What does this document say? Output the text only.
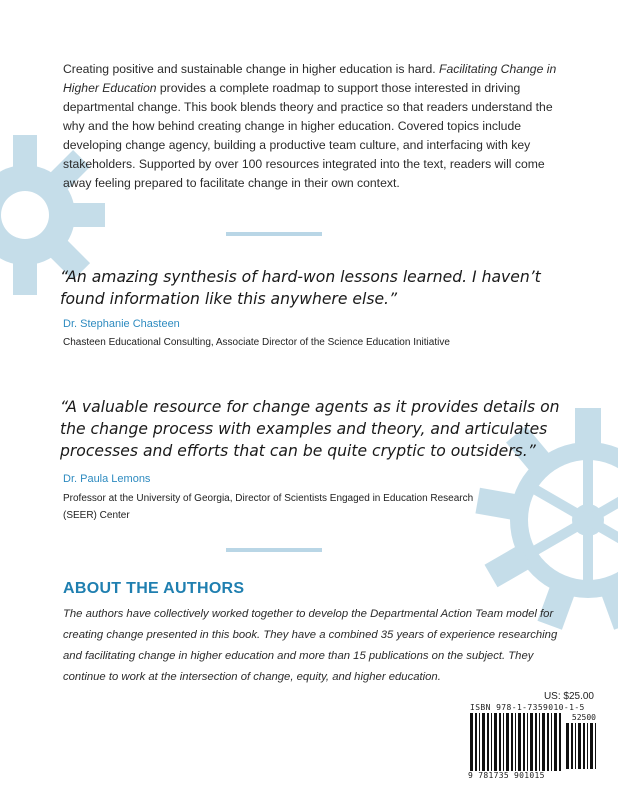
Creating positive and sustainable change in higher education is hard. Facilitating Change in Higher Education provides a complete roadmap to support those interested in driving departmental change. This book blends theory and practice so that readers understand the why and the how behind creating change in higher education. Covered topics include developing change agency, building a productive team culture, and interfacing with key stakeholders. Supported by over 100 resources integrated into the text, readers will come away feeling prepared to facilitate change in their own context.
“An amazing synthesis of hard-won lessons learned. I haven’t found information like this anywhere else.”
Dr. Stephanie Chasteen
Chasteen Educational Consulting, Associate Director of the Science Education Initiative
“A valuable resource for change agents as it provides details on the change process with examples and theory, and articulates processes and efforts that can be quite cryptic to outsiders.”
Dr. Paula Lemons
Professor at the University of Georgia, Director of Scientists Engaged in Education Research (SEER) Center
ABOUT THE AUTHORS
The authors have collectively worked together to develop the Departmental Action Team model for creating change presented in this book. They have a combined 35 years of experience researching and facilitating change in higher education and more than 15 publications on the subject. They continue to work at the intersection of change, equity, and higher education.
US: $25.00
ISBN 978-1-7359010-1-5
52500
9 781735 901015
